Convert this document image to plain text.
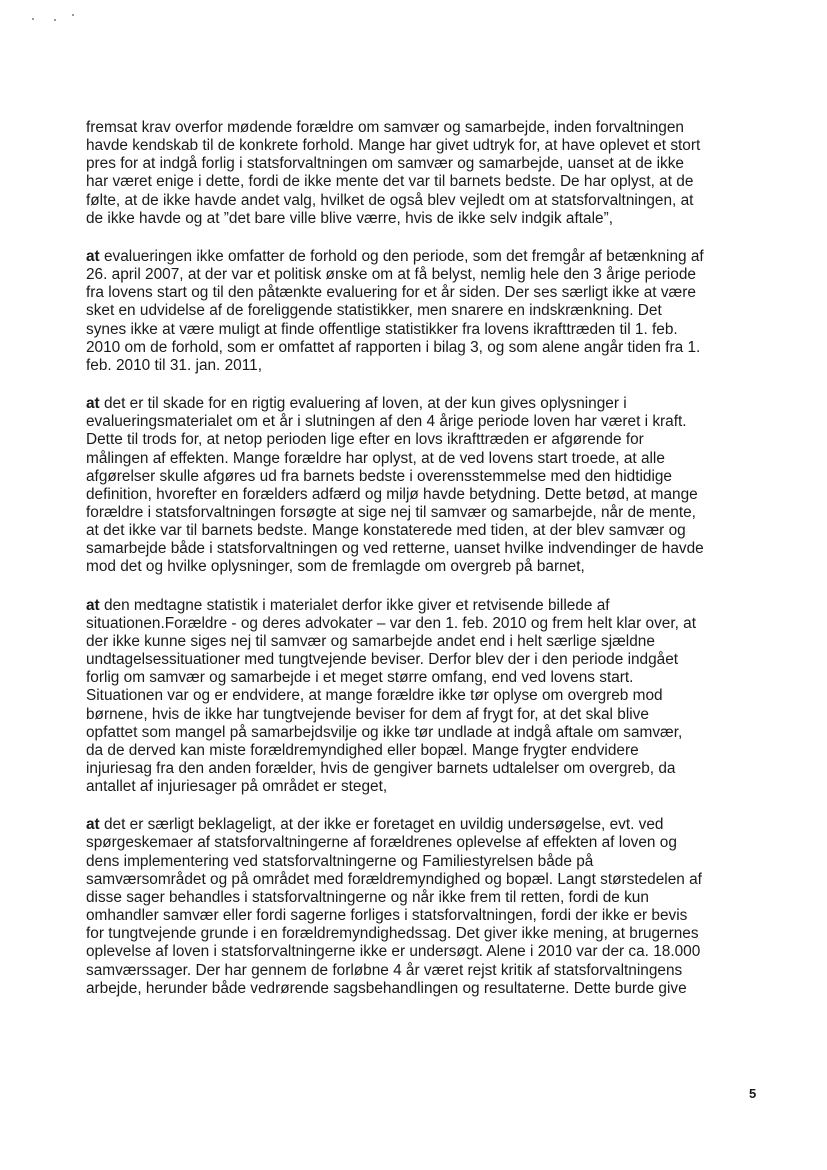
fremsat krav overfor mødende forældre om samvær og samarbejde, inden forvaltningen
havde kendskab til de konkrete forhold. Mange har givet udtryk for, at have oplevet et stort
pres for at indgå forlig i statsforvaltningen om samvær og samarbejde, uanset at de ikke
har været enige i dette, fordi de ikke mente det var til barnets bedste. De har oplyst, at de
følte, at de ikke havde andet valg, hvilket de også blev vejledt om at statsforvaltningen, at
de ikke havde og at ”det bare ville blive værre, hvis de ikke selv indgik aftale”,

at evalueringen ikke omfatter de forhold og den periode, som det fremgår af betænkning af
26. april 2007, at der var et politisk ønske om at få belyst, nemlig hele den 3 årige periode
fra lovens start og til den påtænkte evaluering for et år siden. Der ses særligt ikke at være
sket en udvidelse af de foreliggende statistikker, men snarere en indskrænkning. Det
synes ikke at være muligt at finde offentlige statistikker fra lovens ikrafttræden til 1. feb.
2010 om de forhold, som er omfattet af rapporten i bilag 3, og som alene angår tiden fra 1.
feb. 2010 til 31. jan. 2011,

at det er til skade for en rigtig evaluering af loven, at der kun gives oplysninger i
evalueringsmaterialet om et år i slutningen af den 4 årige periode loven har været i kraft.
Dette til trods for, at netop perioden lige efter en lovs ikrafttræden er afgørende for
målingen af effekten. Mange forældre har oplyst, at de ved lovens start troede, at alle
afgørelser skulle afgøres ud fra barnets bedste i overensstemmelse med den hidtidige
definition, hvorefter en forælders adfærd og miljø havde betydning. Dette betød, at mange
forældre i statsforvaltningen forsøgte at sige nej til samvær og samarbejde, når de mente,
at det ikke var til barnets bedste. Mange konstaterede med tiden, at der blev samvær og
samarbejde både i statsforvaltningen og ved retterne, uanset hvilke indvendinger de havde
mod det og hvilke oplysninger, som de fremlagde om overgreb på barnet,

at den medtagne statistik i materialet derfor ikke giver et retvisende billede af
situationen.Forældre - og deres advokater – var den 1. feb. 2010 og frem helt klar over, at
der ikke kunne siges nej til samvær og samarbejde andet end i helt særlige sjældne
undtagelsessituationer med tungtvejende beviser. Derfor blev der i den periode indgået
forlig om samvær og samarbejde i et meget større omfang, end ved lovens start.
Situationen var og er endvidere, at mange forældre ikke tør oplyse om overgreb mod
børnene, hvis de ikke har tungtvejende beviser for dem af frygt for, at det skal blive
opfattet som mangel på samarbejdsvilje og ikke tør undlade at indgå aftale om samvær,
da de derved kan miste forældremyndighed eller bopæl. Mange frygter endvidere
injuriesag fra den anden forælder, hvis de gengiver barnets udtalelser om overgreb, da
antallet af injuriesager på området er steget,

at det er særligt beklageligt, at der ikke er foretaget en uvildig undersøgelse, evt. ved
spørgeskemaer af statsforvaltningerne af forældrenes oplevelse af effekten af loven og
dens implementering ved statsforvaltningerne og Familiestyrelsen både på
samværsområdet og på området med forældremyndighed og bopæl. Langt størstedelen af
disse sager behandles i statsforvaltningerne og når ikke frem til retten, fordi de kun
omhandler samvær eller fordi sagerne forliges i statsforvaltningen, fordi der ikke er bevis
for tungtvejende grunde i en forældremyndighedssag. Det giver ikke mening, at brugernes
oplevelse af loven i statsforvaltningerne ikke er undersøgt. Alene i 2010 var der ca. 18.000
samværssager. Der har gennem de forløbne 4 år været rejst kritik af statsforvaltningens
arbejde, herunder både vedrørende sagsbehandlingen og resultaterne. Dette burde give

5
